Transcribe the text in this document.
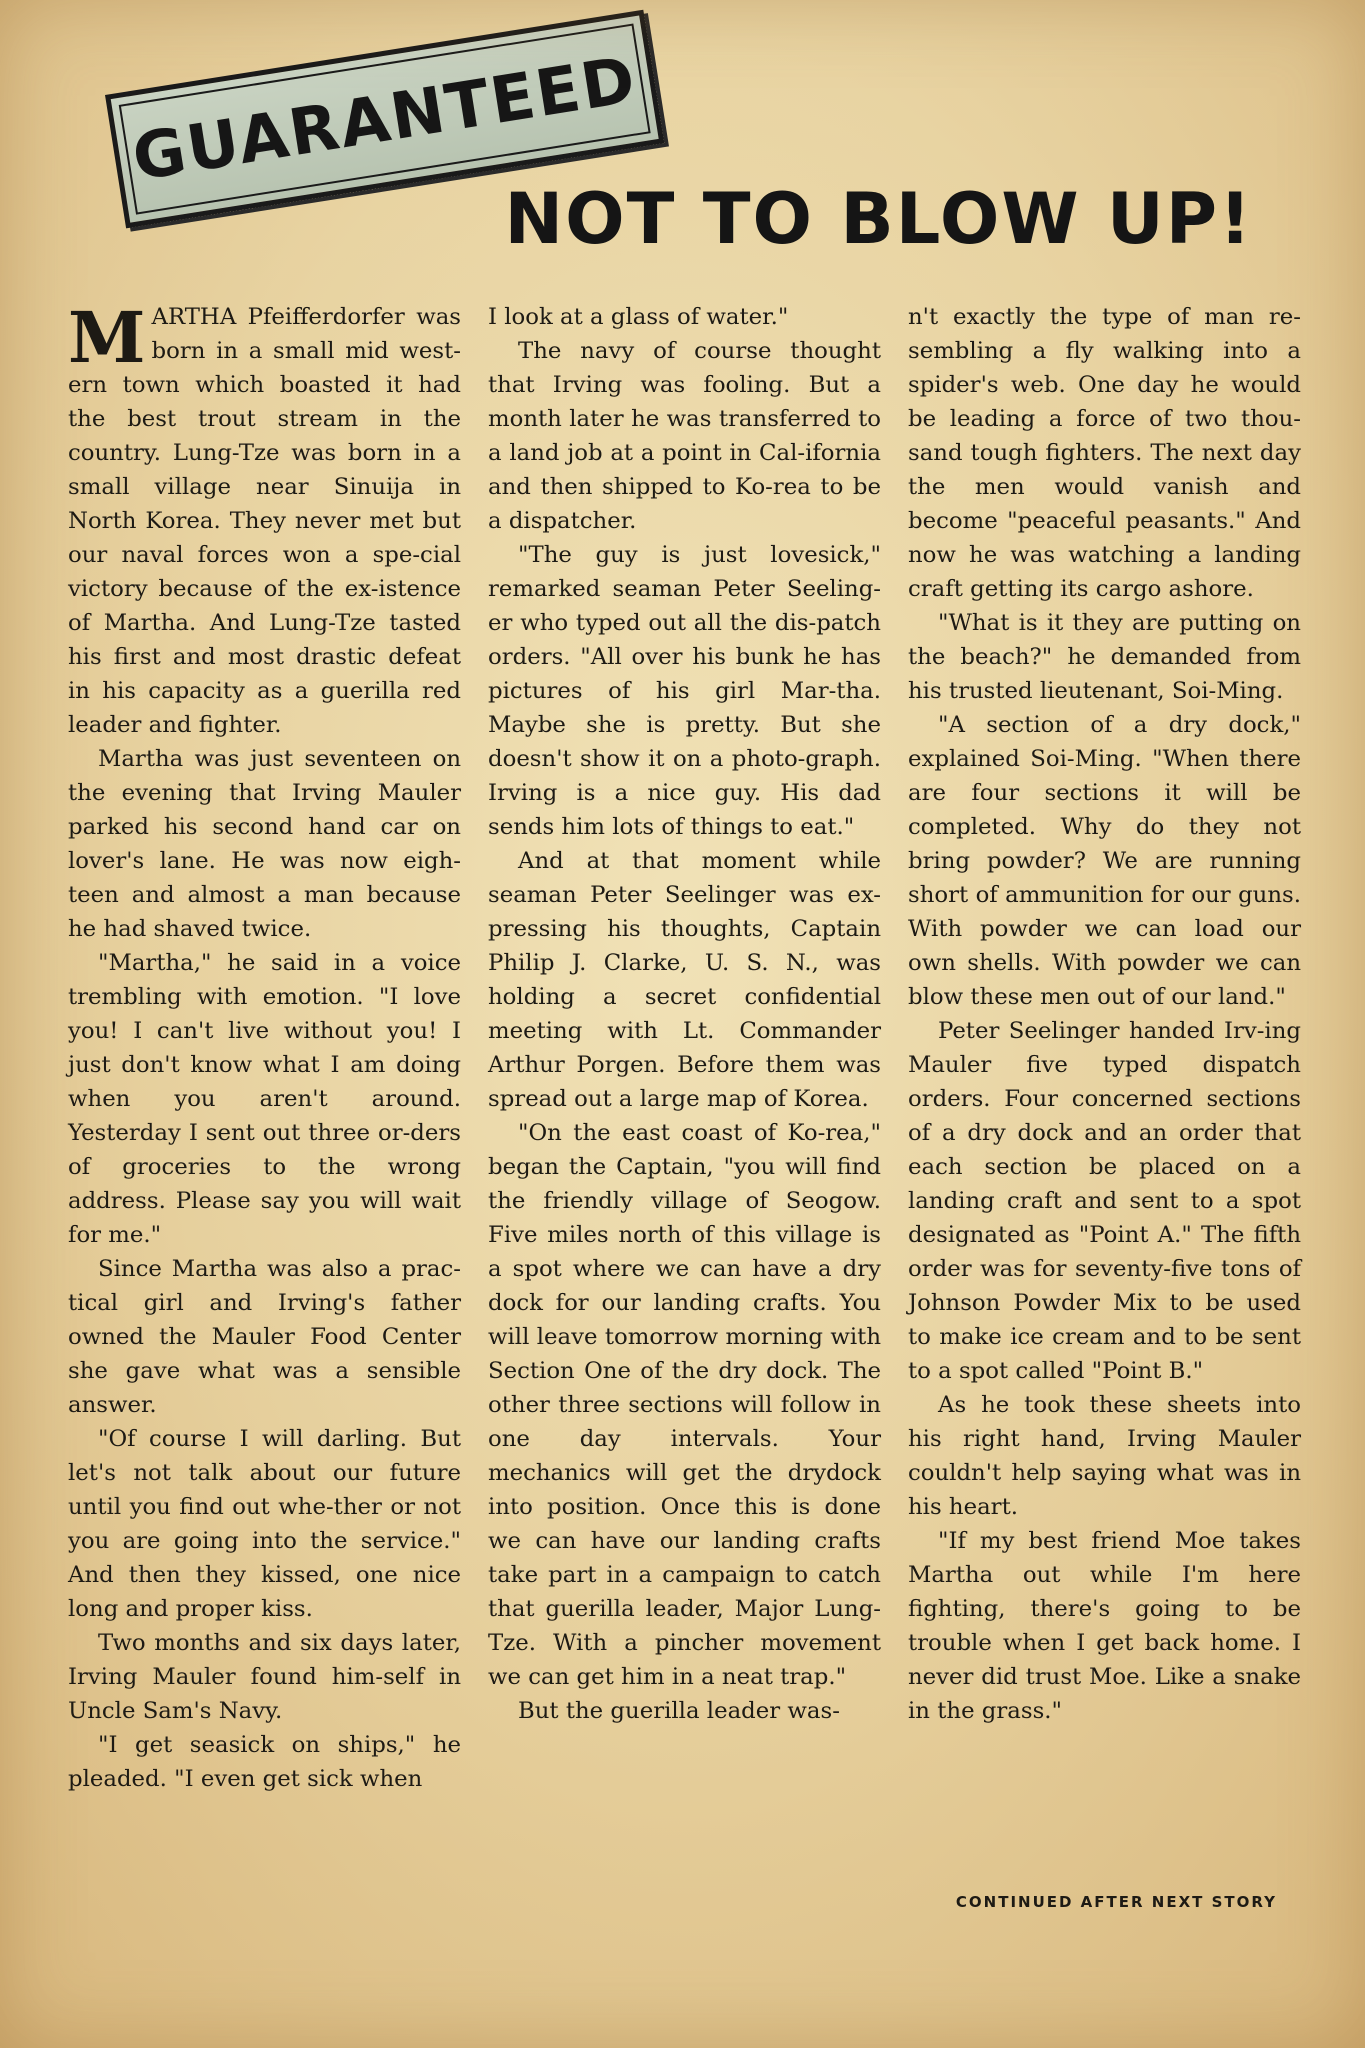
GUARANTEED
NOT TO BLOW UP!

MARTHA Pfeifferdorfer was born in a small mid west-ern town which boasted it had the best trout stream in the country. Lung-Tze was born in a small village near Sinuija in North Korea. They never met but our naval forces won a spe-cial victory because of the ex-istence of Martha. And Lung-Tze tasted his first and most drastic defeat in his capacity as a guerilla red leader and fighter.

Martha was just seventeen on the evening that Irving Mauler parked his second hand car on lover's lane. He was now eigh-teen and almost a man because he had shaved twice.

"Martha," he said in a voice trembling with emotion. "I love you! I can't live without you! I just don't know what I am doing when you aren't around. Yesterday I sent out three or-ders of groceries to the wrong address. Please say you will wait for me."

Since Martha was also a prac-tical girl and Irving's father owned the Mauler Food Center she gave what was a sensible answer.

"Of course I will darling. But let's not talk about our future until you find out whe-ther or not you are going into the service." And then they kissed, one nice long and proper kiss.

Two months and six days later, Irving Mauler found him-self in Uncle Sam's Navy.

"I get seasick on ships," he pleaded. "I even get sick when

I look at a glass of water."

The navy of course thought that Irving was fooling. But a month later he was transferred to a land job at a point in Cal-ifornia and then shipped to Ko-rea to be a dispatcher.

"The guy is just lovesick," remarked seaman Peter Seeling-er who typed out all the dis-patch orders. "All over his bunk he has pictures of his girl Mar-tha. Maybe she is pretty. But she doesn't show it on a photo-graph. Irving is a nice guy. His dad sends him lots of things to eat."

And at that moment while seaman Peter Seelinger was ex-pressing his thoughts, Captain Philip J. Clarke, U. S. N., was holding a secret confidential meeting with Lt. Commander Arthur Porgen. Before them was spread out a large map of Korea.

"On the east coast of Ko-rea," began the Captain, "you will find the friendly village of Seogow. Five miles north of this village is a spot where we can have a dry dock for our landing crafts. You will leave tomorrow morning with Section One of the dry dock. The other three sections will follow in one day intervals. Your mechanics will get the drydock into position. Once this is done we can have our landing crafts take part in a campaign to catch that guerilla leader, Major Lung-Tze. With a pincher movement we can get him in a neat trap."

But the guerilla leader was-

n't exactly the type of man re-sembling a fly walking into a spider's web. One day he would be leading a force of two thou-sand tough fighters. The next day the men would vanish and become "peaceful peasants." And now he was watching a landing craft getting its cargo ashore.

"What is it they are putting on the beach?" he demanded from his trusted lieutenant, Soi-Ming.

"A section of a dry dock," explained Soi-Ming. "When there are four sections it will be completed. Why do they not bring powder? We are running short of ammunition for our guns. With powder we can load our own shells. With powder we can blow these men out of our land."

Peter Seelinger handed Irv-ing Mauler five typed dispatch orders. Four concerned sections of a dry dock and an order that each section be placed on a landing craft and sent to a spot designated as "Point A." The fifth order was for seventy-five tons of Johnson Powder Mix to be used to make ice cream and to be sent to a spot called "Point B."

As he took these sheets into his right hand, Irving Mauler couldn't help saying what was in his heart.

"If my best friend Moe takes Martha out while I'm here fighting, there's going to be trouble when I get back home. I never did trust Moe. Like a snake in the grass."

CONTINUED AFTER NEXT STORY
